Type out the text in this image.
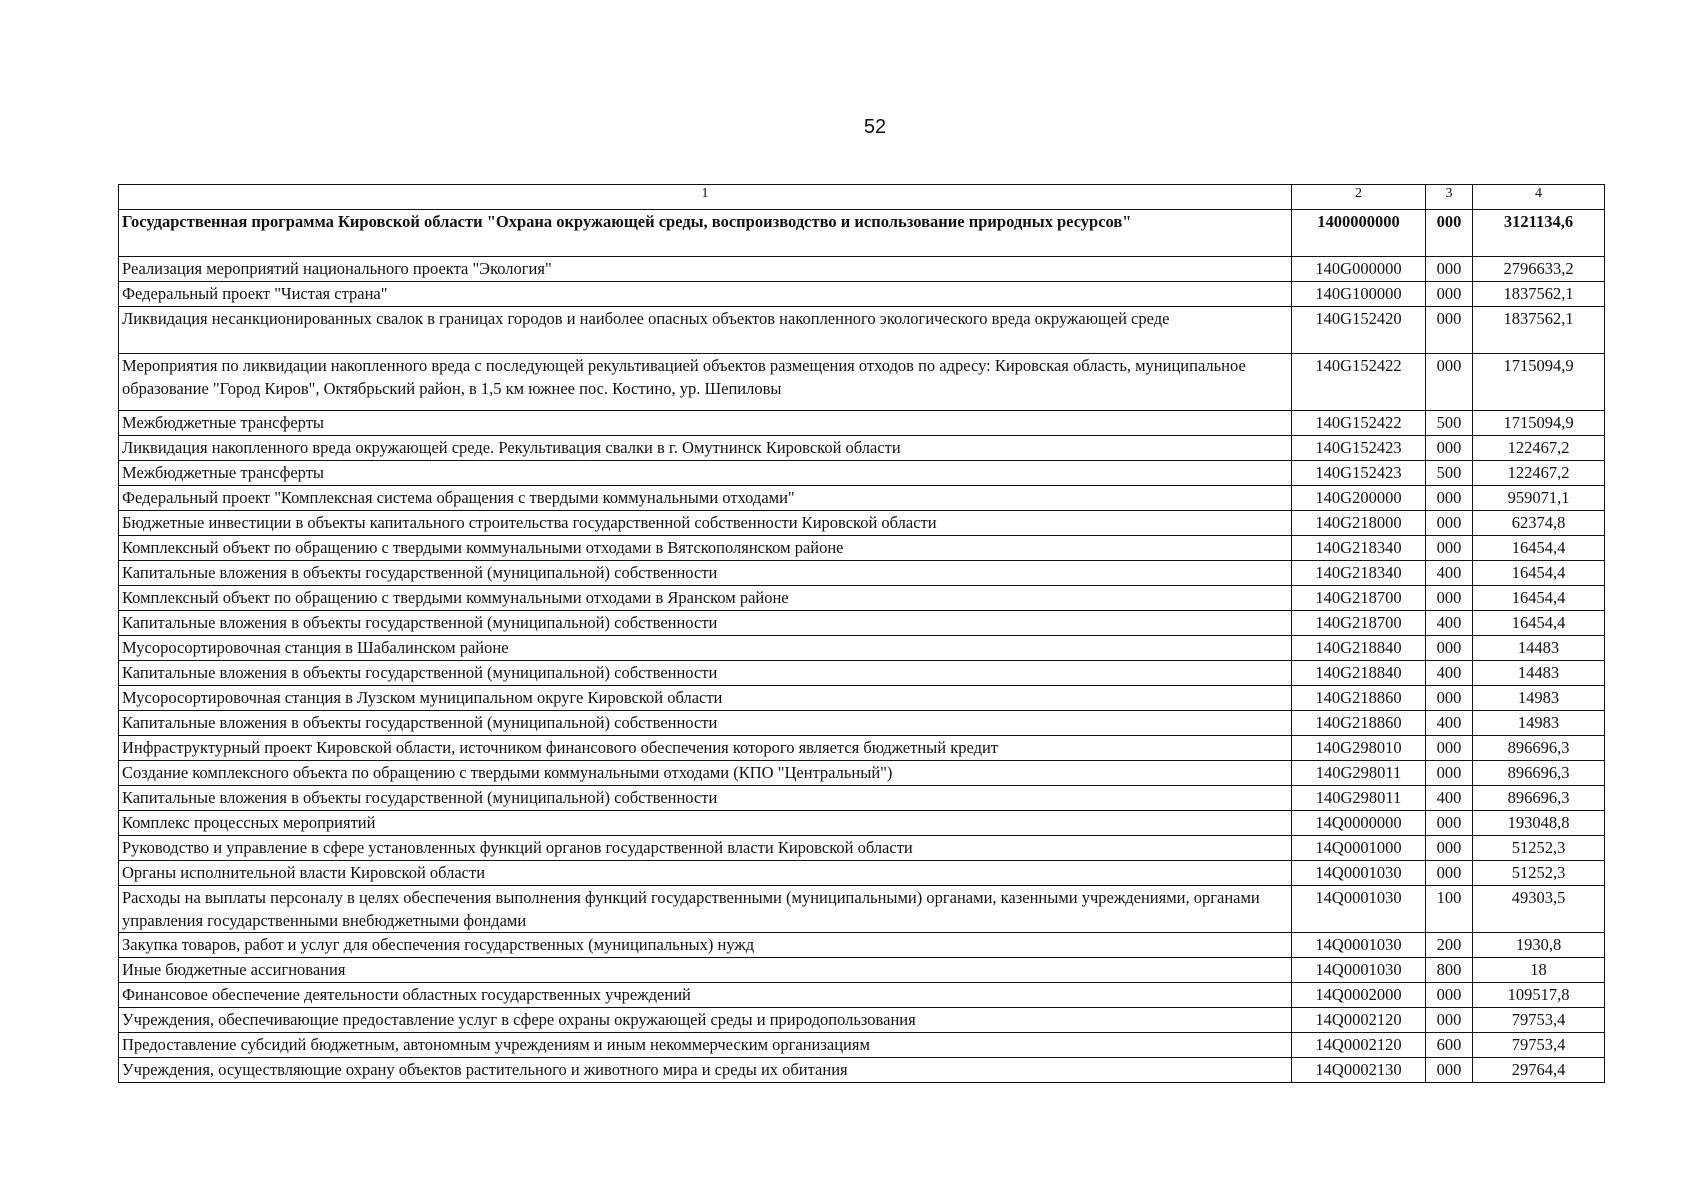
52
1	2	3	4
Государственная программа Кировской области "Охрана окружающей среды, воспроизводство и использование природных ресурсов"	1400000000	000	3121134,6
Реализация мероприятий национального проекта "Экология"	140G000000	000	2796633,2
Федеральный проект "Чистая страна"	140G100000	000	1837562,1
Ликвидация несанкционированных свалок в границах городов и наиболее опасных объектов накопленного экологического вреда окружающей среде	140G152420	000	1837562,1
Мероприятия по ликвидации накопленного вреда с последующей рекультивацией объектов размещения отходов по адресу: Кировская область, муниципальное образование "Город Киров", Октябрьский район, в 1,5 км южнее пос. Костино, ур. Шепиловы	140G152422	000	1715094,9
Межбюджетные трансферты	140G152422	500	1715094,9
Ликвидация накопленного вреда окружающей среде. Рекультивация свалки в г. Омутнинск Кировской области	140G152423	000	122467,2
Межбюджетные трансферты	140G152423	500	122467,2
Федеральный проект "Комплексная система обращения с твердыми коммунальными отходами"	140G200000	000	959071,1
Бюджетные инвестиции в объекты капитального строительства государственной собственности Кировской области	140G218000	000	62374,8
Комплексный объект по обращению с твердыми коммунальными отходами в Вятскополянском районе	140G218340	000	16454,4
Капитальные вложения в объекты государственной (муниципальной) собственности	140G218340	400	16454,4
Комплексный объект по обращению с твердыми коммунальными отходами в Яранском районе	140G218700	000	16454,4
Капитальные вложения в объекты государственной (муниципальной) собственности	140G218700	400	16454,4
Мусоросортировочная станция в Шабалинском районе	140G218840	000	14483
Капитальные вложения в объекты государственной (муниципальной) собственности	140G218840	400	14483
Мусоросортировочная станция в Лузском муниципальном округе Кировской области	140G218860	000	14983
Капитальные вложения в объекты государственной (муниципальной) собственности	140G218860	400	14983
Инфраструктурный проект Кировской области, источником финансового обеспечения которого является бюджетный кредит	140G298010	000	896696,3
Создание комплексного объекта по обращению с твердыми коммунальными отходами (КПО "Центральный")	140G298011	000	896696,3
Капитальные вложения в объекты государственной (муниципальной) собственности	140G298011	400	896696,3
Комплекс процессных мероприятий	14Q0000000	000	193048,8
Руководство и управление в сфере установленных функций органов государственной власти Кировской области	14Q0001000	000	51252,3
Органы исполнительной власти Кировской области	14Q0001030	000	51252,3
Расходы на выплаты персоналу в целях обеспечения выполнения функций государственными (муниципальными) органами, казенными учреждениями, органами управления государственными внебюджетными фондами	14Q0001030	100	49303,5
Закупка товаров, работ и услуг для обеспечения государственных (муниципальных) нужд	14Q0001030	200	1930,8
Иные бюджетные ассигнования	14Q0001030	800	18
Финансовое обеспечение деятельности областных государственных учреждений	14Q0002000	000	109517,8
Учреждения, обеспечивающие предоставление услуг в сфере охраны окружающей среды и природопользования	14Q0002120	000	79753,4
Предоставление субсидий бюджетным, автономным учреждениям и иным некоммерческим организациям	14Q0002120	600	79753,4
Учреждения, осуществляющие охрану объектов растительного и животного мира и среды их обитания	14Q0002130	000	29764,4
